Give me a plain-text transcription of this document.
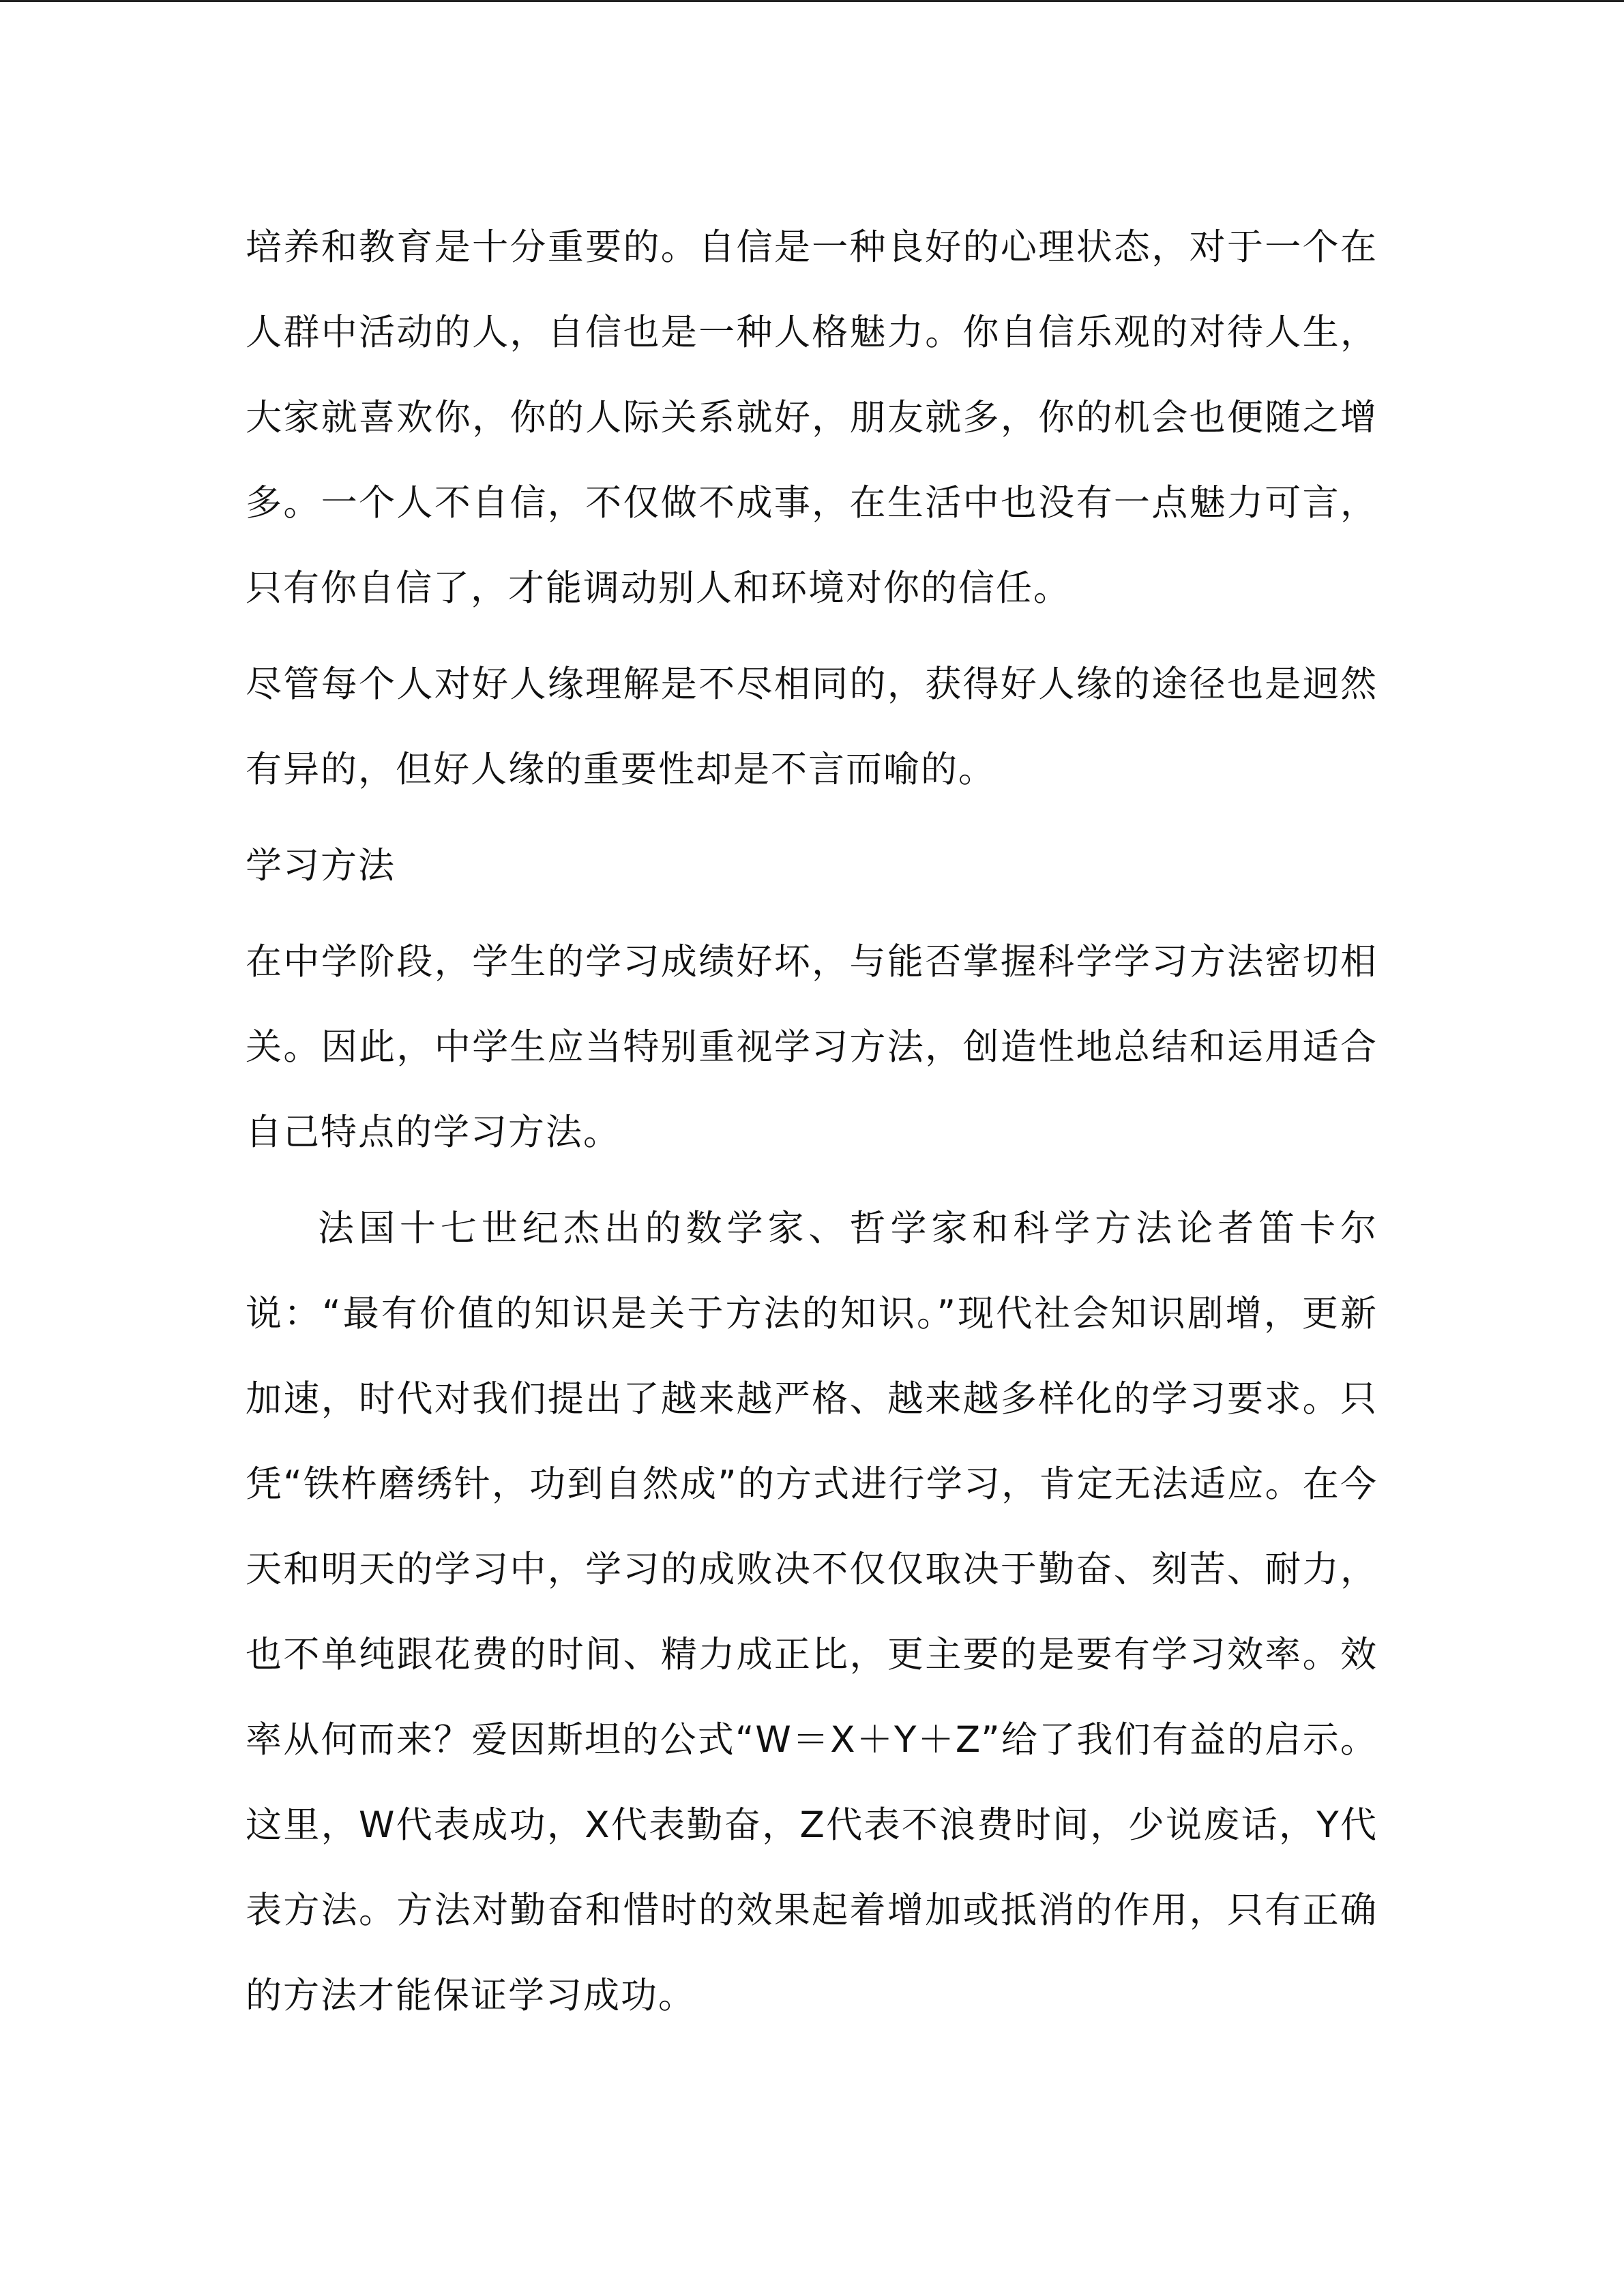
培养和教育是十分重要的。自信是一种良好的心理状态，对于一个在人群中活动的人，自信也是一种人格魅力。你自信乐观的对待人生，大家就喜欢你，你的人际关系就好，朋友就多，你的机会也便随之增多。一个人不自信，不仅做不成事，在生活中也没有一点魅力可言，只有你自信了，才能调动别人和环境对你的信任。

尽管每个人对好人缘理解是不尽相同的，获得好人缘的途径也是迥然有异的，但好人缘的重要性却是不言而喻的。

学习方法

在中学阶段，学生的学习成绩好坏，与能否掌握科学学习方法密切相关。因此，中学生应当特别重视学习方法，创造性地总结和运用适合自己特点的学习方法。

法国十七世纪杰出的数学家、哲学家和科学方法论者笛卡尔说：“最有价值的知识是关于方法的知识。”现代社会知识剧增，更新加速，时代对我们提出了越来越严格、越来越多样化的学习要求。只凭“铁杵磨绣针，功到自然成”的方式进行学习，肯定无法适应。在今天和明天的学习中，学习的成败决不仅仅取决于勤奋、刻苦、耐力，也不单纯跟花费的时间、精力成正比，更主要的是要有学习效率。效率从何而来？爱因斯坦的公式“W＝X＋Y＋Z”给了我们有益的启示。这里，W代表成功，X代表勤奋，Z代表不浪费时间，少说废话，Y代表方法。方法对勤奋和惜时的效果起着增加或抵消的作用，只有正确的方法才能保证学习成功。
